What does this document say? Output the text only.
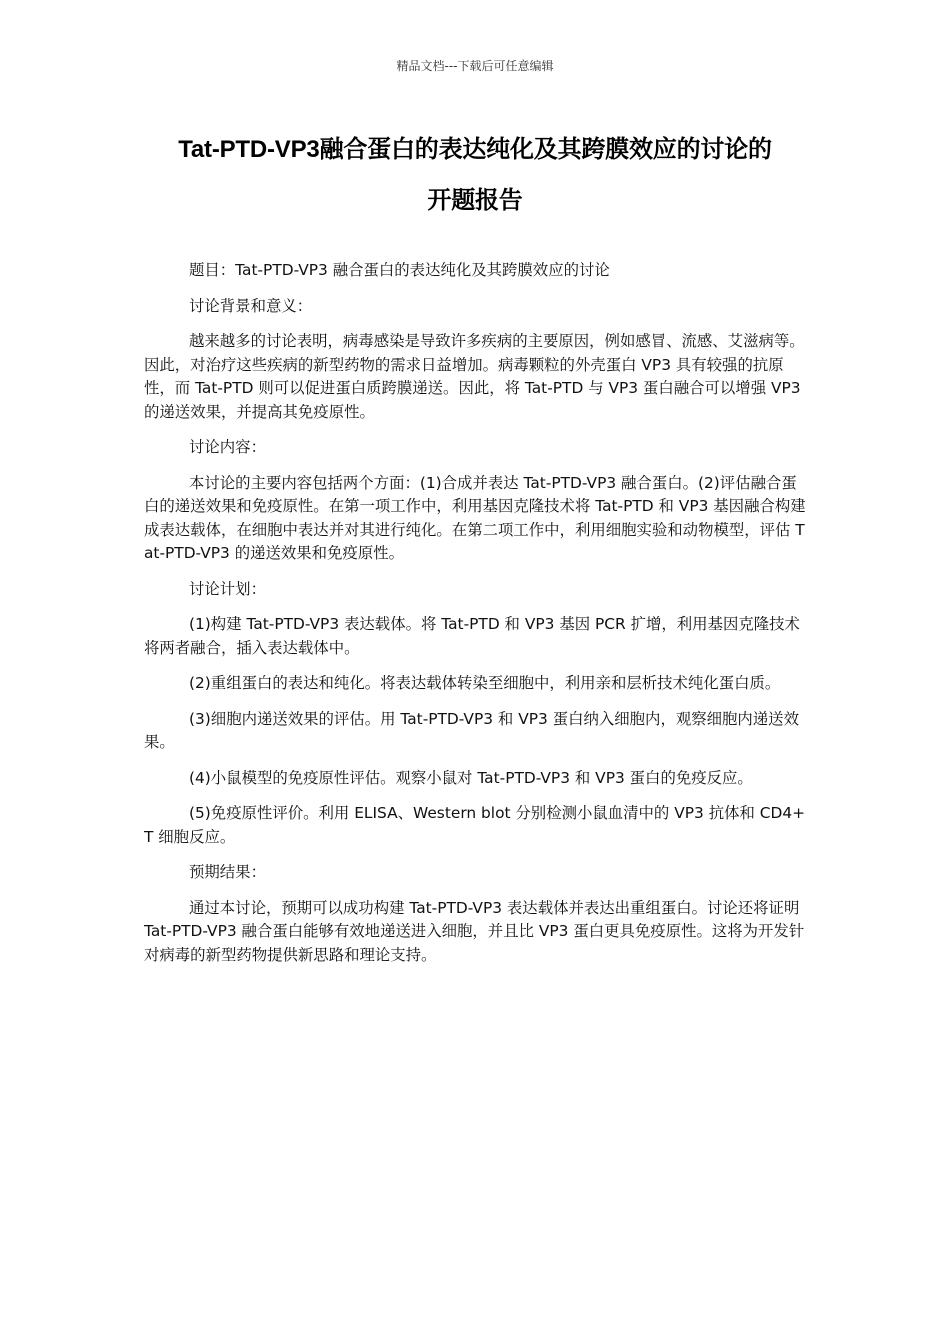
精品文档---下载后可任意编辑
Tat-PTD-VP3融合蛋白的表达纯化及其跨膜效应的讨论的
开题报告

题目：Tat-PTD-VP3 融合蛋白的表达纯化及其跨膜效应的讨论

讨论背景和意义：

越来越多的讨论表明，病毒感染是导致许多疾病的主要原因，例如感冒、流感、艾滋病等。因此，对治疗这些疾病的新型药物的需求日益增加。病毒颗粒的外壳蛋白 VP3 具有较强的抗原性，而 Tat-PTD 则可以促进蛋白质跨膜递送。因此，将 Tat-PTD 与 VP3 蛋白融合可以增强 VP3 的递送效果，并提高其免疫原性。

讨论内容：

本讨论的主要内容包括两个方面：(1)合成并表达 Tat-PTD-VP3 融合蛋白。(2)评估融合蛋白的递送效果和免疫原性。在第一项工作中，利用基因克隆技术将 Tat-PTD 和 VP3 基因融合构建成表达载体，在细胞中表达并对其进行纯化。在第二项工作中，利用细胞实验和动物模型，评估 Tat-PTD-VP3 的递送效果和免疫原性。

讨论计划：

(1)构建 Tat-PTD-VP3 表达载体。将 Tat-PTD 和 VP3 基因 PCR 扩增，利用基因克隆技术将两者融合，插入表达载体中。

(2)重组蛋白的表达和纯化。将表达载体转染至细胞中，利用亲和层析技术纯化蛋白质。

(3)细胞内递送效果的评估。用 Tat-PTD-VP3 和 VP3 蛋白纳入细胞内，观察细胞内递送效果。

(4)小鼠模型的免疫原性评估。观察小鼠对 Tat-PTD-VP3 和 VP3 蛋白的免疫反应。

(5)免疫原性评价。利用 ELISA、Western blot 分别检测小鼠血清中的 VP3 抗体和 CD4+T 细胞反应。

预期结果：

通过本讨论，预期可以成功构建 Tat-PTD-VP3 表达载体并表达出重组蛋白。讨论还将证明 Tat-PTD-VP3 融合蛋白能够有效地递送进入细胞，并且比 VP3 蛋白更具免疫原性。这将为开发针对病毒的新型药物提供新思路和理论支持。
